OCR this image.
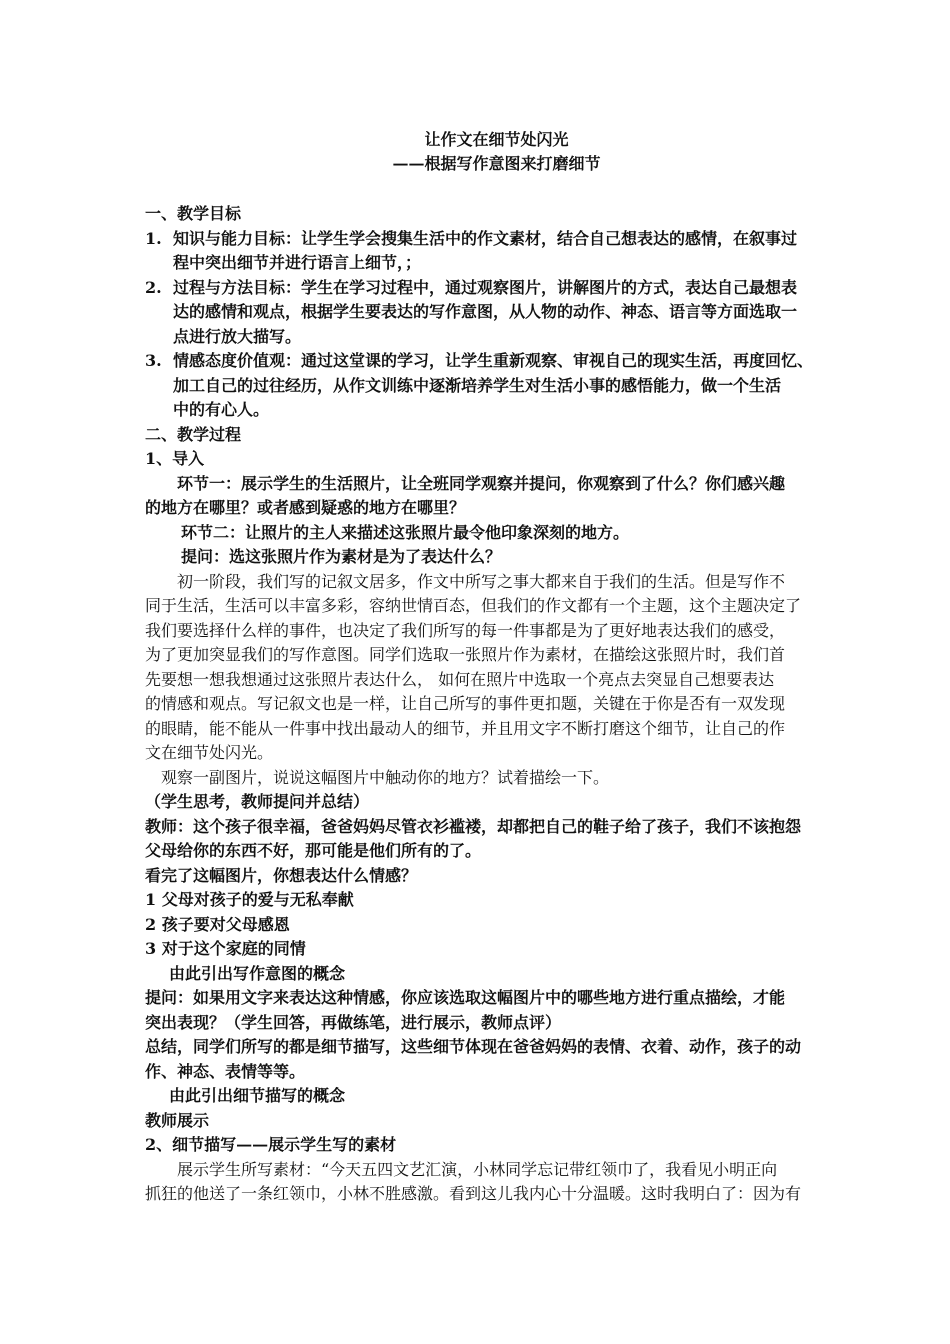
让作文在细节处闪光
——根据写作意图来打磨细节
一、教学目标
1. 知识与能力目标：让学生学会搜集生活中的作文素材，结合自己想表达的感情，在叙事过
程中突出细节并进行语言上细节，；
2. 过程与方法目标：学生在学习过程中，通过观察图片，讲解图片的方式，表达自己最想表
达的感情和观点，根据学生要表达的写作意图，从人物的动作、神态、语言等方面选取一
点进行放大描写。
3. 情感态度价值观：通过这堂课的学习，让学生重新观察、审视自己的现实生活，再度回忆、
加工自己的过往经历，从作文训练中逐渐培养学生对生活小事的感悟能力，做一个生活
中的有心人。
二、教学过程
1、导入
环节一：展示学生的生活照片，让全班同学观察并提问，你观察到了什么？你们感兴趣
的地方在哪里？或者感到疑惑的地方在哪里？
环节二：让照片的主人来描述这张照片最令他印象深刻的地方。
提问：选这张照片作为素材是为了表达什么？
初一阶段，我们写的记叙文居多，作文中所写之事大都来自于我们的生活。但是写作不
同于生活，生活可以丰富多彩，容纳世情百态，但我们的作文都有一个主题，这个主题决定了
我们要选择什么样的事件，也决定了我们所写的每一件事都是为了更好地表达我们的感受，
为了更加突显我们的写作意图。同学们选取一张照片作为素材，在描绘这张照片时，我们首
先要想一想我想通过这张照片表达什么， 如何在照片中选取一个亮点去突显自己想要表达
的情感和观点。写记叙文也是一样，让自己所写的事件更扣题，关键在于你是否有一双发现
的眼睛，能不能从一件事中找出最动人的细节，并且用文字不断打磨这个细节，让自己的作
文在细节处闪光。
观察一副图片，说说这幅图片中触动你的地方？试着描绘一下。
（学生思考，教师提问并总结）
教师：这个孩子很幸福，爸爸妈妈尽管衣衫褴褛，却都把自己的鞋子给了孩子，我们不该抱怨
父母给你的东西不好，那可能是他们所有的了。
看完了这幅图片，你想表达什么情感？
1 父母对孩子的爱与无私奉献
2 孩子要对父母感恩
3 对于这个家庭的同情
由此引出写作意图的概念
提问：如果用文字来表达这种情感，你应该选取这幅图片中的哪些地方进行重点描绘，才能
突出表现？（学生回答，再做练笔，进行展示，教师点评）
总结，同学们所写的都是细节描写，这些细节体现在爸爸妈妈的表情、衣着、动作，孩子的动
作、神态、表情等等。
由此引出细节描写的概念
教师展示
2、细节描写——展示学生写的素材
展示学生所写素材：“今天五四文艺汇演，小林同学忘记带红领巾了，我看见小明正向
抓狂的他送了一条红领巾，小林不胜感激。看到这儿我内心十分温暖。这时我明白了：因为有
